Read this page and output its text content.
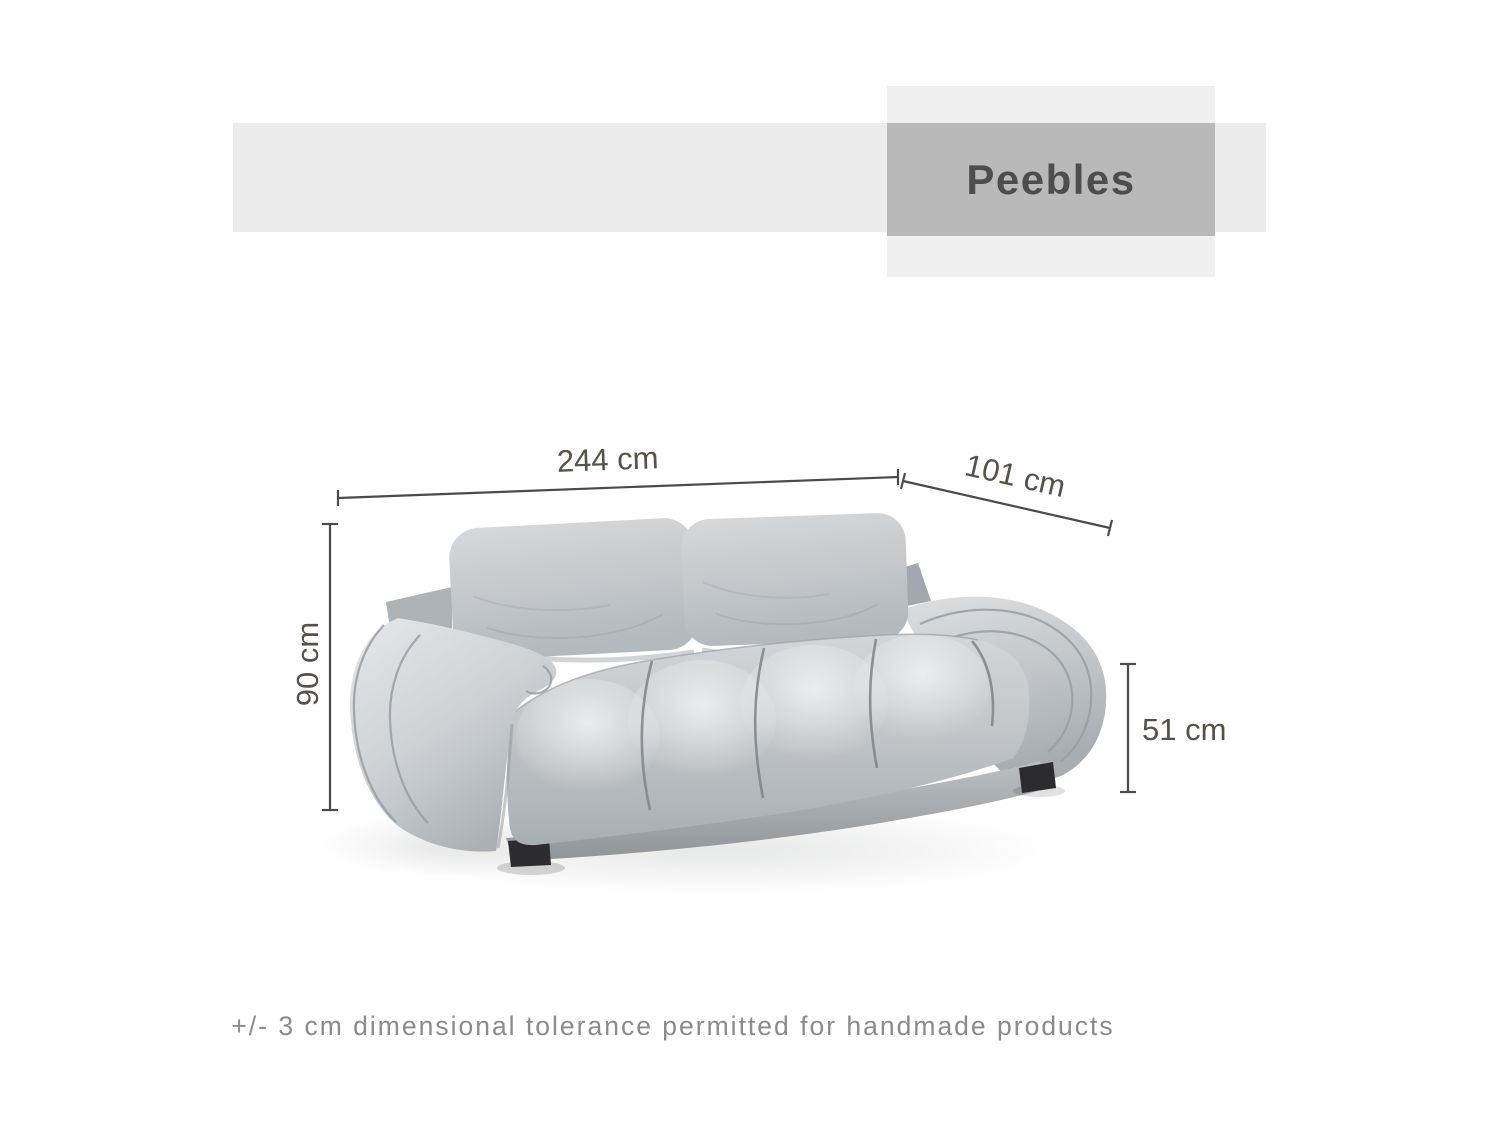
Peebles
244 cm	101 cm
90 cm
51 cm
+/- 3 cm dimensional tolerance permitted for handmade products
